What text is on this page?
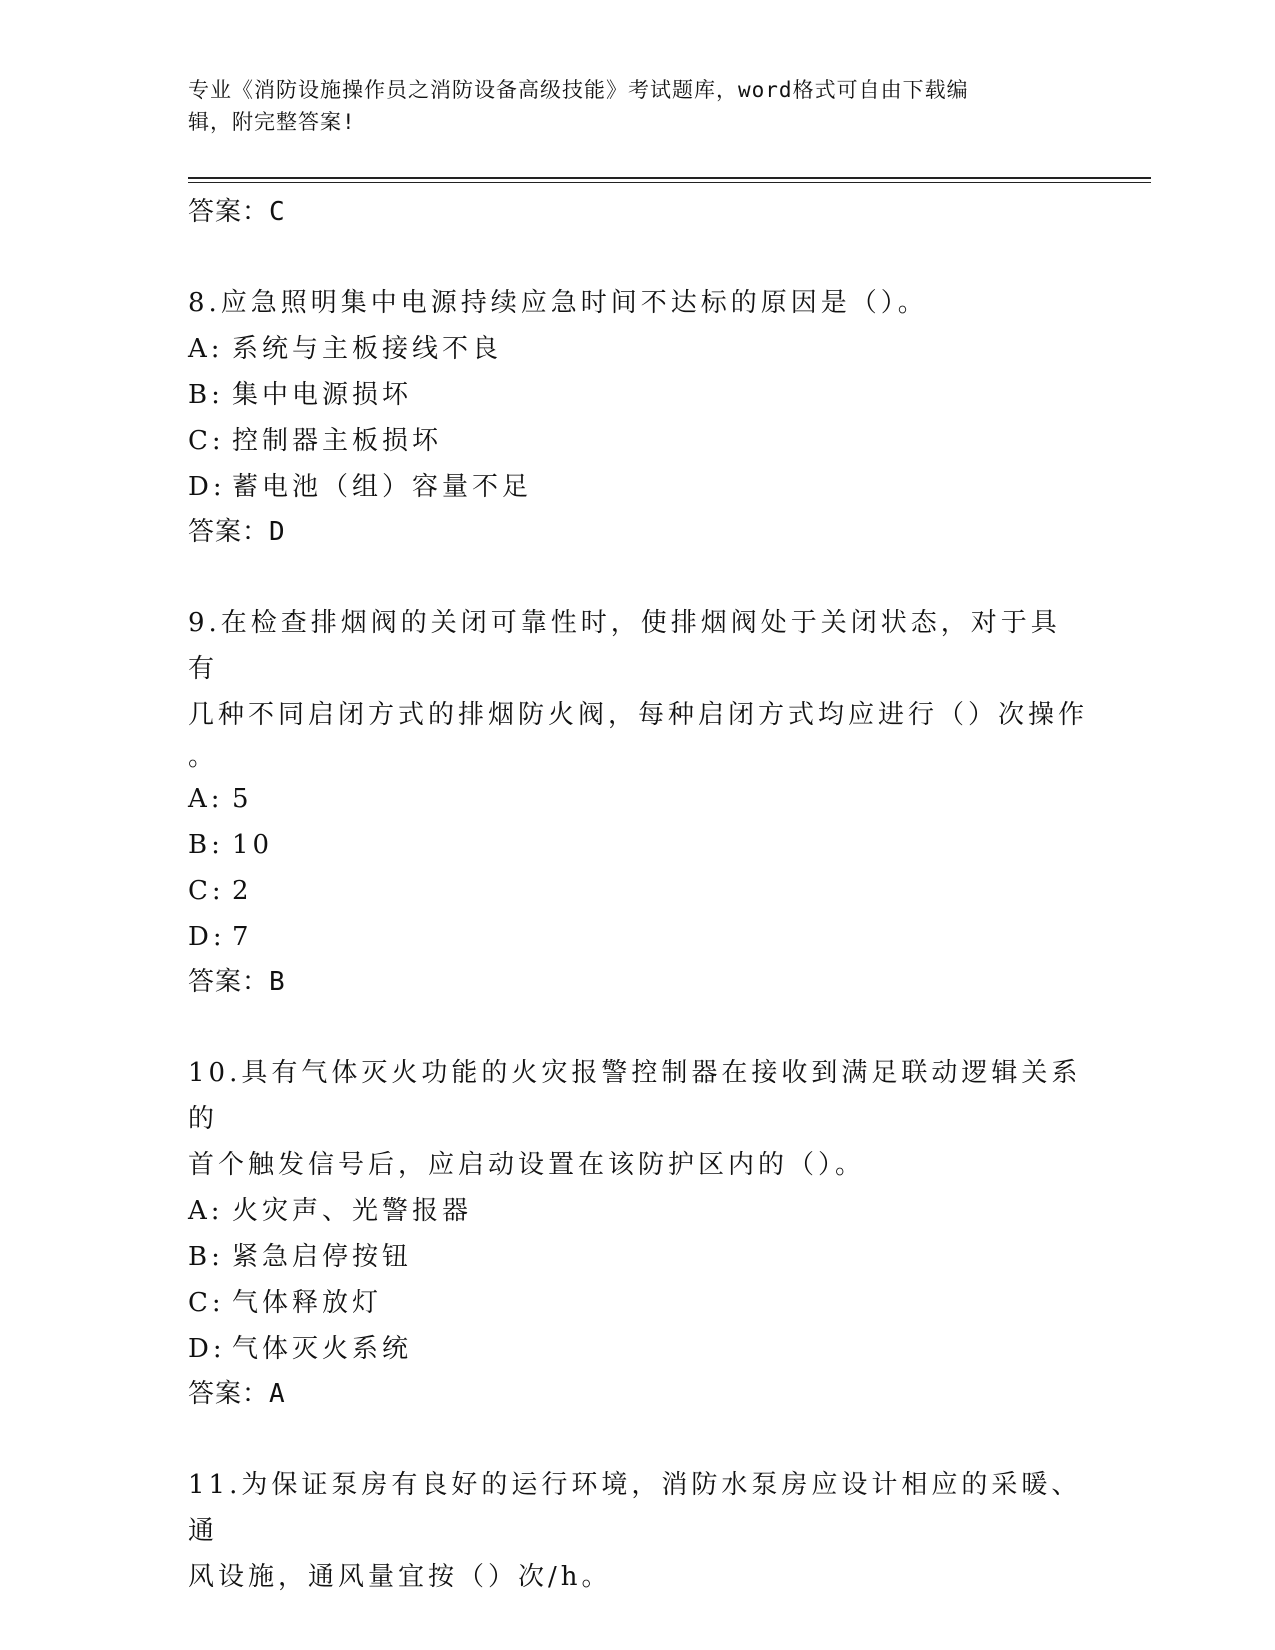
专业《消防设施操作员之消防设备高级技能》考试题库，word格式可自由下载编
辑，附完整答案!
答案：C
8.应急照明集中电源持续应急时间不达标的原因是（）。
A: 系统与主板接线不良
B: 集中电源损坏
C: 控制器主板损坏
D: 蓄电池（组）容量不足
答案：D
9.在检查排烟阀的关闭可靠性时，使排烟阀处于关闭状态，对于具有
几种不同启闭方式的排烟防火阀，每种启闭方式均应进行（）次操作
。
A: 5
B: 10
C: 2
D: 7
答案：B
10.具有气体灭火功能的火灾报警控制器在接收到满足联动逻辑关系的
首个触发信号后，应启动设置在该防护区内的（）。
A: 火灾声、光警报器
B: 紧急启停按钮
C: 气体释放灯
D: 气体灭火系统
答案：A
11.为保证泵房有良好的运行环境，消防水泵房应设计相应的采暖、通
风设施，通风量宜按（）次/h。
